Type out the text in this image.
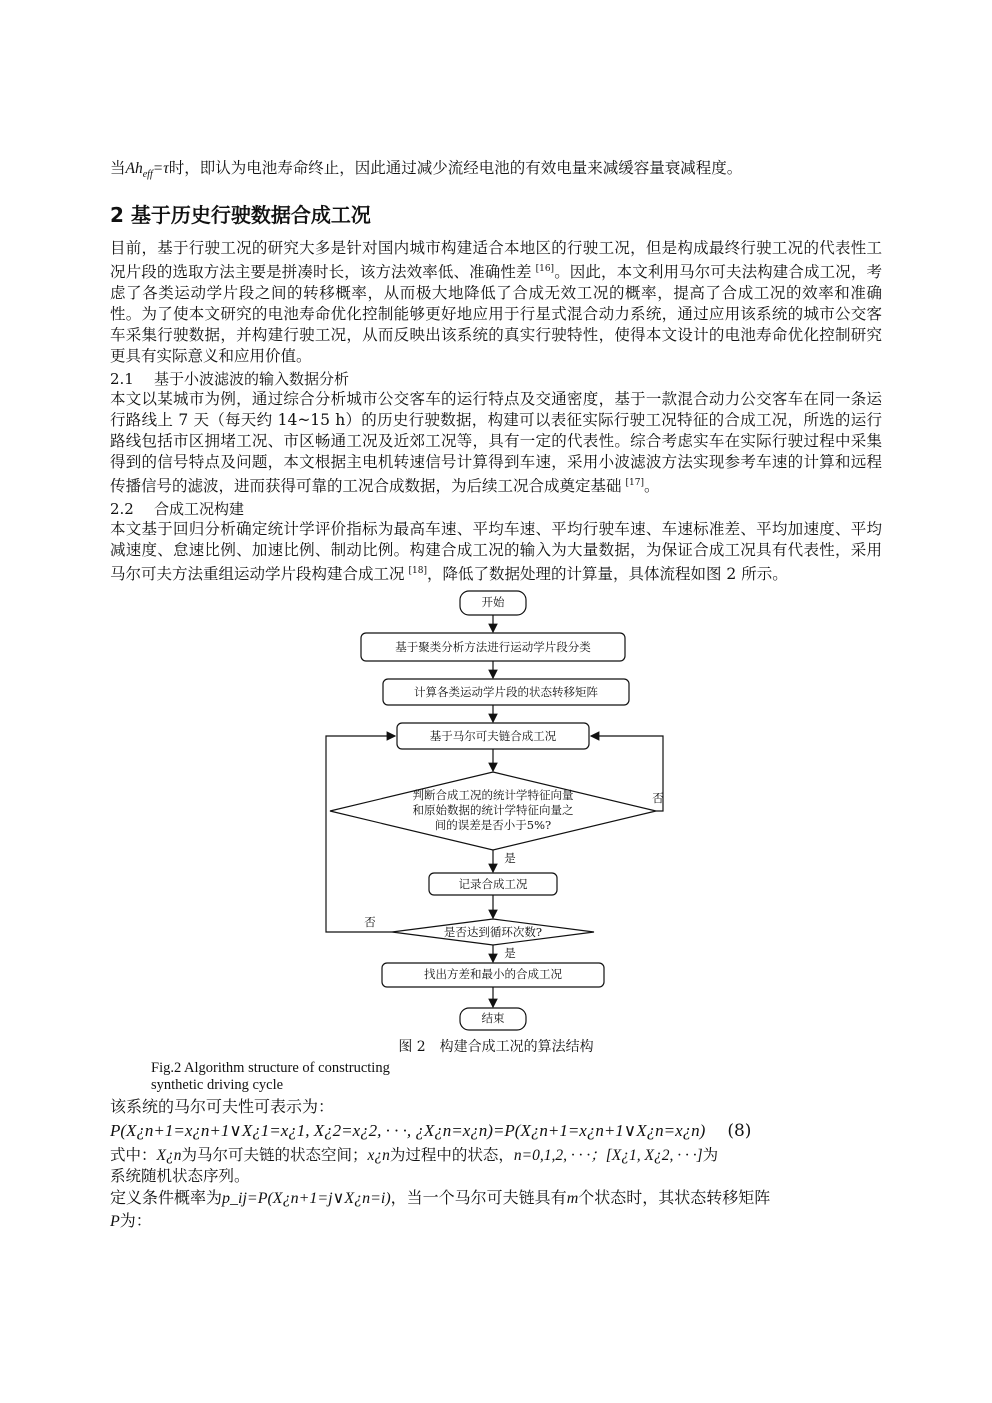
当$Ah_{eff}=\tau$时，即认为电池寿命终止，因此通过减少流经电池的有效电量来减缓容量衰减程度。

2 基于历史行驶数据合成工况

目前，基于行驶工况的研究大多是针对国内城市构建适合本地区的行驶工况，但是构成最终行驶工况的代表性工况片段的选取方法主要是拼凑时长，该方法效率低、准确性差 [16]。因此，本文利用马尔可夫法构建合成工况，考虑了各类运动学片段之间的转移概率，从而极大地降低了合成无效工况的概率，提高了合成工况的效率和准确性。为了使本文研究的电池寿命优化控制能够更好地应用于行星式混合动力系统，通过应用该系统的城市公交客车采集行驶数据，并构建行驶工况，从而反映出该系统的真实行驶特性，使得本文设计的电池寿命优化控制研究更具有实际意义和应用价值。

2.1 基于小波滤波的输入数据分析

本文以某城市为例，通过综合分析城市公交客车的运行特点及交通密度，基于一款混合动力公交客车在同一条运行路线上 7 天（每天约 14~15 h）的历史行驶数据，构建可以表征实际行驶工况特征的合成工况，所选的运行路线包括市区拥堵工况、市区畅通工况及近郊工况等，具有一定的代表性。综合考虑实车在实际行驶过程中采集得到的信号特点及问题，本文根据主电机转速信号计算得到车速，采用小波滤波方法实现参考车速的计算和远程传播信号的滤波，进而获得可靠的工况合成数据，为后续工况合成奠定基础 [17]。

2.2 合成工况构建

本文基于回归分析确定统计学评价指标为最高车速、平均车速、平均行驶车速、车速标准差、平均加速度、平均减速度、怠速比例、加速比例、制动比例。构建合成工况的输入为大量数据，为保证合成工况具有代表性，采用马尔可夫方法重组运动学片段构建合成工况 [18]，降低了数据处理的计算量，具体流程如图 2 所示。

开始
基于聚类分析方法进行运动学片段分类
计算各类运动学片段的状态转移矩阵
基于马尔可夫链合成工况
判断合成工况的统计学特征向量
和原始数据的统计学特征向量之
间的误差是否小于5%?
否
是
记录合成工况
是否达到循环次数?
否
是
找出方差和最小的合成工况
结束
图 2　构建合成工况的算法结构
Fig.2 Algorithm structure of constructing
synthetic driving cycle

该系统的马尔可夫性可表示为：

P(X¿n+1=x¿n+1∨X¿1=x¿1, X¿2=x¿2, · · ·, ¿X¿n=x¿n)=P(X¿n+1=x¿n+1∨X¿n=x¿n) (8)

式中：X¿n为马尔可夫链的状态空间；x¿n为过程中的状态，n=0,1,2, · · ·；[X¿1, X¿2, · · ·]为
系统随机状态序列。

定义条件概率为p_ij=P(X¿n+1=j∨X¿n=i)，当一个马尔可夫链具有m个状态时，其状态转移矩阵
P为：
